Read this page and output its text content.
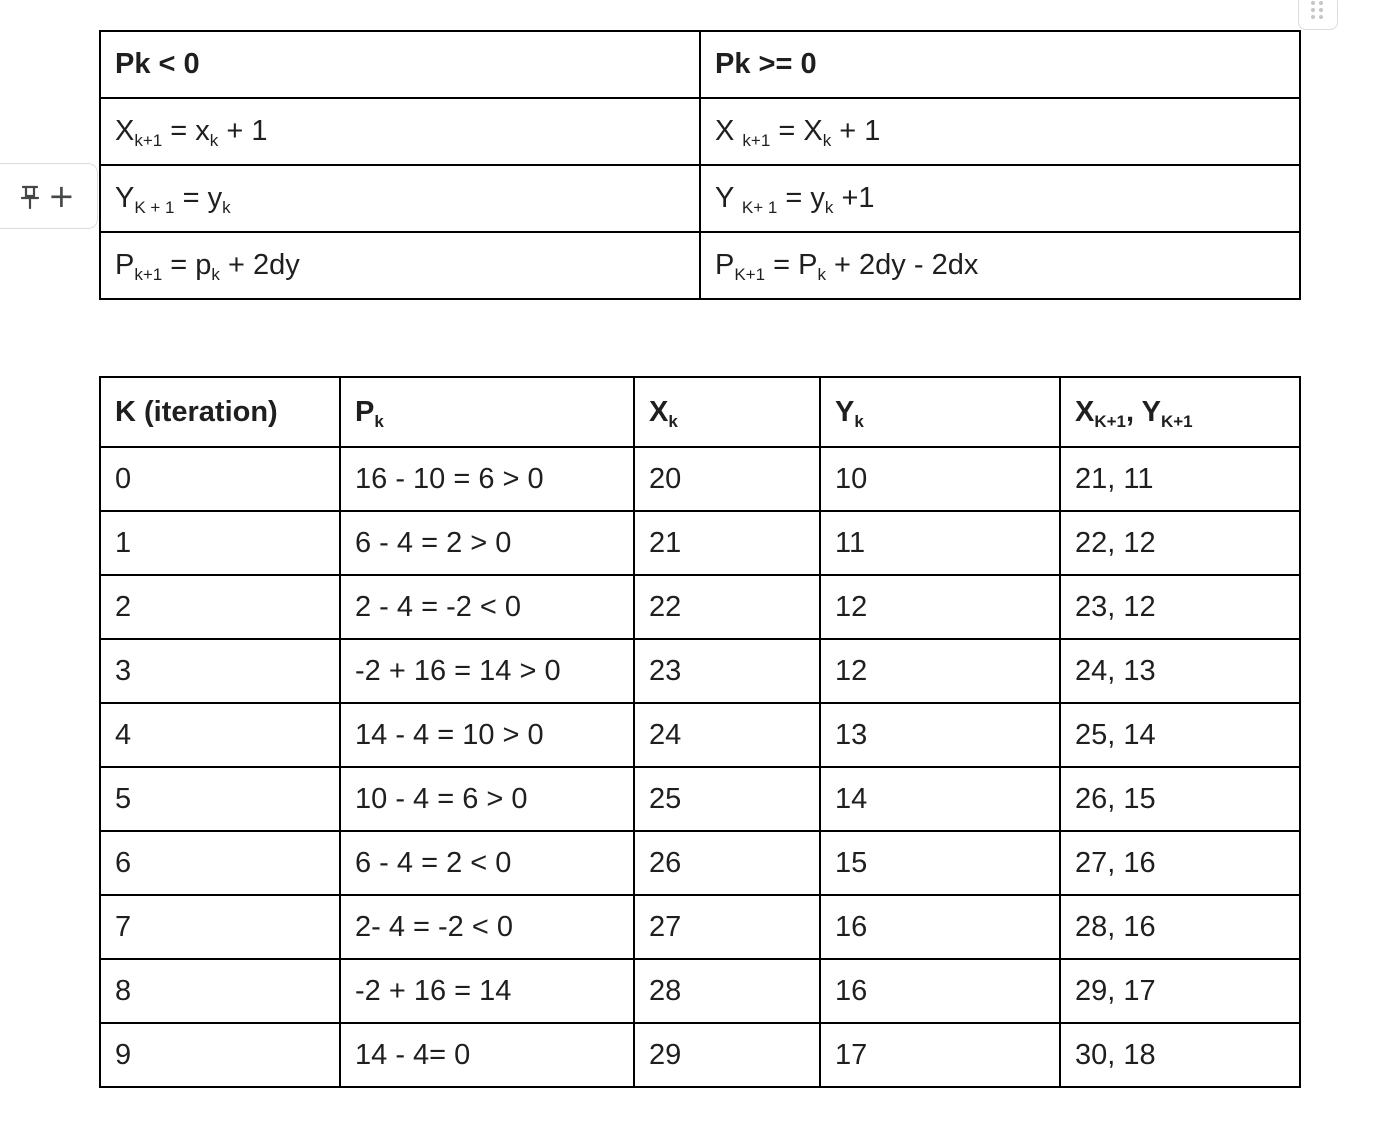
+
Pk < 0	Pk >= 0
$X_{k+1} = x_k + 1$	X $_{k+1} = X_k + 1$
$Y_{K + 1} = y_k$	Y $_{K+ 1} = y_k +1$
$P_{k+1} = p_k + 2dy$	$P_{K+1} = P_k + 2dy - 2dx$
K (iteration)	$P_k$	$X_k$	$Y_k$	$X_{K+1}$, $Y_{K+1}$
0	16 - 10 = 6 > 0	20	10	21, 11
1	6 - 4 = 2 > 0	21	11	22, 12
2	2 - 4 = -2 < 0	22	12	23, 12
3	-2 + 16 = 14 > 0	23	12	24, 13
4	14 - 4 = 10 > 0	24	13	25, 14
5	10 - 4 = 6 > 0	25	14	26, 15
6	6 - 4 = 2 < 0	26	15	27, 16
7	2- 4 = -2 < 0	27	16	28, 16
8	-2 + 16 = 14	28	16	29, 17
9	14 - 4= 0	29	17	30, 18
